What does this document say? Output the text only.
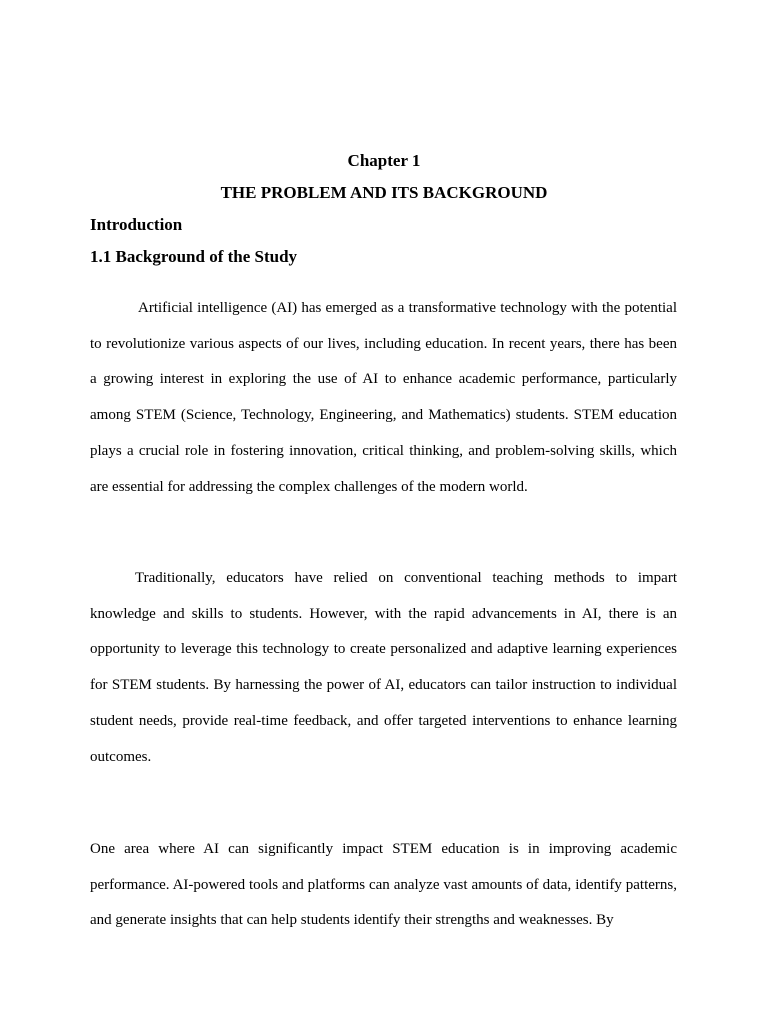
Chapter 1
THE PROBLEM AND ITS BACKGROUND
Introduction
1.1 Background of the Study

Artificial intelligence (AI) has emerged as a transformative technology with the potential to revolutionize various aspects of our lives, including education. In recent years, there has been a growing interest in exploring the use of AI to enhance academic performance, particularly among STEM (Science, Technology, Engineering, and Mathematics) students. STEM education plays a crucial role in fostering innovation, critical thinking, and problem-solving skills, which are essential for addressing the complex challenges of the modern world.

Traditionally, educators have relied on conventional teaching methods to impart knowledge and skills to students. However, with the rapid advancements in AI, there is an opportunity to leverage this technology to create personalized and adaptive learning experiences for STEM students. By harnessing the power of AI, educators can tailor instruction to individual student needs, provide real-time feedback, and offer targeted interventions to enhance learning outcomes.

One area where AI can significantly impact STEM education is in improving academic performance. AI-powered tools and platforms can analyze vast amounts of data, identify patterns, and generate insights that can help students identify their strengths and weaknesses. By
